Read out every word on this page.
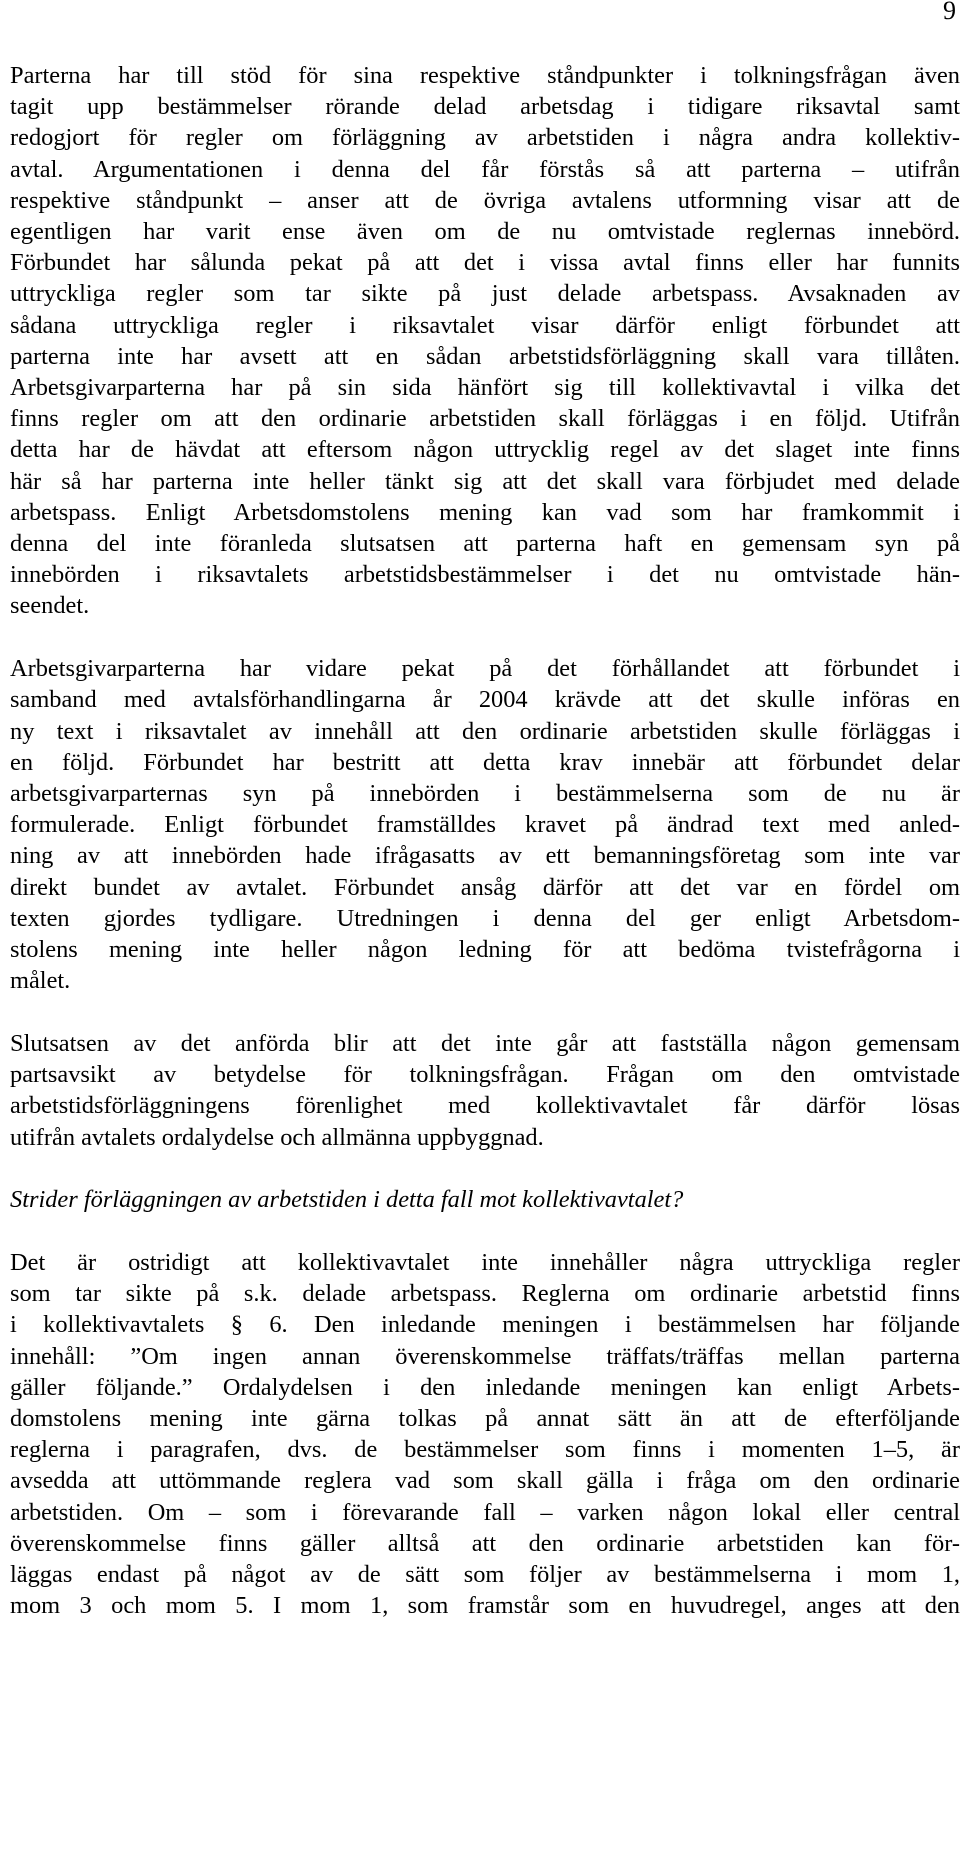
9
Parterna har till stöd för sina respektive ståndpunkter i tolkningsfrågan även
tagit upp bestämmelser rörande delad arbetsdag i tidigare riksavtal samt
redogjort för regler om förläggning av arbetstiden i några andra kollektiv-
avtal. Argumentationen i denna del får förstås så att parterna – utifrån
respektive ståndpunkt – anser att de övriga avtalens utformning visar att de
egentligen har varit ense även om de nu omtvistade reglernas innebörd.
Förbundet har sålunda pekat på att det i vissa avtal finns eller har funnits
uttryckliga regler som tar sikte på just delade arbetspass. Avsaknaden av
sådana uttryckliga regler i riksavtalet visar därför enligt förbundet att
parterna inte har avsett att en sådan arbetstidsförläggning skall vara tillåten.
Arbetsgivarparterna har på sin sida hänfört sig till kollektivavtal i vilka det
finns regler om att den ordinarie arbetstiden skall förläggas i en följd. Utifrån
detta har de hävdat att eftersom någon uttrycklig regel av det slaget inte finns
här så har parterna inte heller tänkt sig att det skall vara förbjudet med delade
arbetspass. Enligt Arbetsdomstolens mening kan vad som har framkommit i
denna del inte föranleda slutsatsen att parterna haft en gemensam syn på
innebörden i riksavtalets arbetstidsbestämmelser i det nu omtvistade hän-
seendet.
Arbetsgivarparterna har vidare pekat på det förhållandet att förbundet i
samband med avtalsförhandlingarna år 2004 krävde att det skulle införas en
ny text i riksavtalet av innehåll att den ordinarie arbetstiden skulle förläggas i
en följd. Förbundet har bestritt att detta krav innebär att förbundet delar
arbetsgivarparternas syn på innebörden i bestämmelserna som de nu är
formulerade. Enligt förbundet framställdes kravet på ändrad text med anled-
ning av att innebörden hade ifrågasatts av ett bemanningsföretag som inte var
direkt bundet av avtalet. Förbundet ansåg därför att det var en fördel om
texten gjordes tydligare. Utredningen i denna del ger enligt Arbetsdom-
stolens mening inte heller någon ledning för att bedöma tvistefrågorna i
målet.
Slutsatsen av det anförda blir att det inte går att fastställa någon gemensam
partsavsikt av betydelse för tolkningsfrågan. Frågan om den omtvistade
arbetstidsförläggningens förenlighet med kollektivavtalet får därför lösas
utifrån avtalets ordalydelse och allmänna uppbyggnad.
Strider förläggningen av arbetstiden i detta fall mot kollektivavtalet?
Det är ostridigt att kollektivavtalet inte innehåller några uttryckliga regler
som tar sikte på s.k. delade arbetspass. Reglerna om ordinarie arbetstid finns
i kollektivavtalets § 6. Den inledande meningen i bestämmelsen har följande
innehåll: ”Om ingen annan överenskommelse träffats/träffas mellan parterna
gäller följande.” Ordalydelsen i den inledande meningen kan enligt Arbets-
domstolens mening inte gärna tolkas på annat sätt än att de efterföljande
reglerna i paragrafen, dvs. de bestämmelser som finns i momenten 1–5, är
avsedda att uttömmande reglera vad som skall gälla i fråga om den ordinarie
arbetstiden. Om – som i förevarande fall – varken någon lokal eller central
överenskommelse finns gäller alltså att den ordinarie arbetstiden kan för-
läggas endast på något av de sätt som följer av bestämmelserna i mom 1,
mom 3 och mom 5. I mom 1, som framstår som en huvudregel, anges att den
